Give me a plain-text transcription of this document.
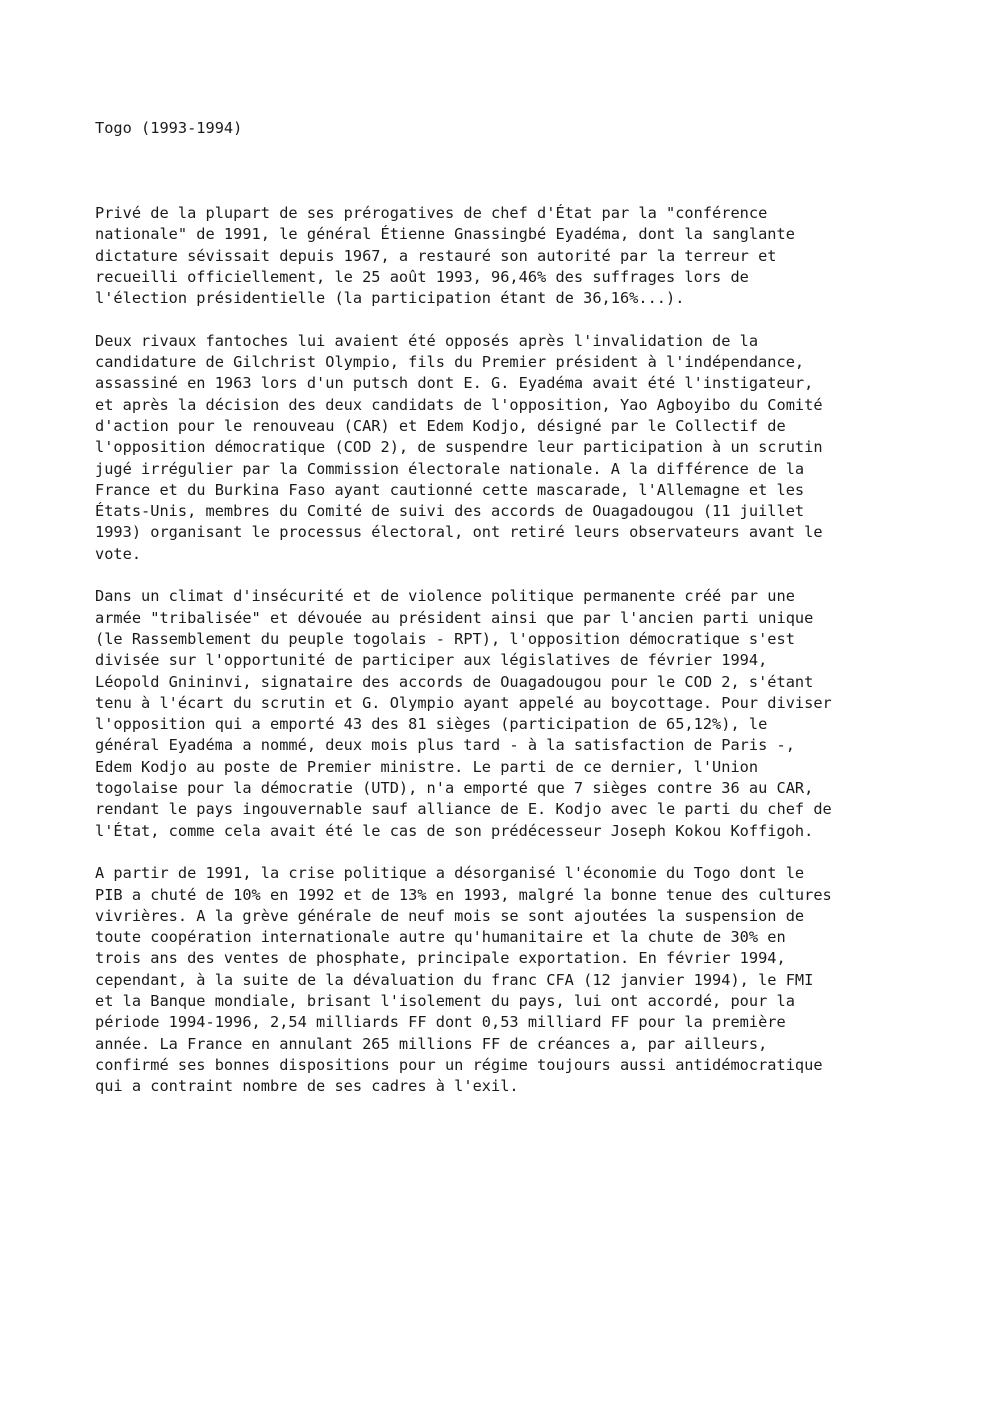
Togo (1993-1994)
Privé de la plupart de ses prérogatives de chef d'État par la "conférence
nationale" de 1991, le général Étienne Gnassingbé Eyadéma, dont la sanglante
dictature sévissait depuis 1967, a restauré son autorité par la terreur et
recueilli officiellement, le 25 août 1993, 96,46% des suffrages lors de
l'élection présidentielle (la participation étant de 36,16%...).
Deux rivaux fantoches lui avaient été opposés après l'invalidation de la
candidature de Gilchrist Olympio, fils du Premier président à l'indépendance,
assassiné en 1963 lors d'un putsch dont E. G. Eyadéma avait été l'instigateur,
et après la décision des deux candidats de l'opposition, Yao Agboyibo du Comité
d'action pour le renouveau (CAR) et Edem Kodjo, désigné par le Collectif de
l'opposition démocratique (COD 2), de suspendre leur participation à un scrutin
jugé irrégulier par la Commission électorale nationale. A la différence de la
France et du Burkina Faso ayant cautionné cette mascarade, l'Allemagne et les
États-Unis, membres du Comité de suivi des accords de Ouagadougou (11 juillet
1993) organisant le processus électoral, ont retiré leurs observateurs avant le
vote.
Dans un climat d'insécurité et de violence politique permanente créé par une
armée "tribalisée" et dévouée au président ainsi que par l'ancien parti unique
(le Rassemblement du peuple togolais - RPT), l'opposition démocratique s'est
divisée sur l'opportunité de participer aux législatives de février 1994,
Léopold Gnininvi, signataire des accords de Ouagadougou pour le COD 2, s'étant
tenu à l'écart du scrutin et G. Olympio ayant appelé au boycottage. Pour diviser
l'opposition qui a emporté 43 des 81 sièges (participation de 65,12%), le
général Eyadéma a nommé, deux mois plus tard - à la satisfaction de Paris -,
Edem Kodjo au poste de Premier ministre. Le parti de ce dernier, l'Union
togolaise pour la démocratie (UTD), n'a emporté que 7 sièges contre 36 au CAR,
rendant le pays ingouvernable sauf alliance de E. Kodjo avec le parti du chef de
l'État, comme cela avait été le cas de son prédécesseur Joseph Kokou Koffigoh.
A partir de 1991, la crise politique a désorganisé l'économie du Togo dont le
PIB a chuté de 10% en 1992 et de 13% en 1993, malgré la bonne tenue des cultures
vivrières. A la grève générale de neuf mois se sont ajoutées la suspension de
toute coopération internationale autre qu'humanitaire et la chute de 30% en
trois ans des ventes de phosphate, principale exportation. En février 1994,
cependant, à la suite de la dévaluation du franc CFA (12 janvier 1994), le FMI
et la Banque mondiale, brisant l'isolement du pays, lui ont accordé, pour la
période 1994-1996, 2,54 milliards FF dont 0,53 milliard FF pour la première
année. La France en annulant 265 millions FF de créances a, par ailleurs,
confirmé ses bonnes dispositions pour un régime toujours aussi antidémocratique
qui a contraint nombre de ses cadres à l'exil.
